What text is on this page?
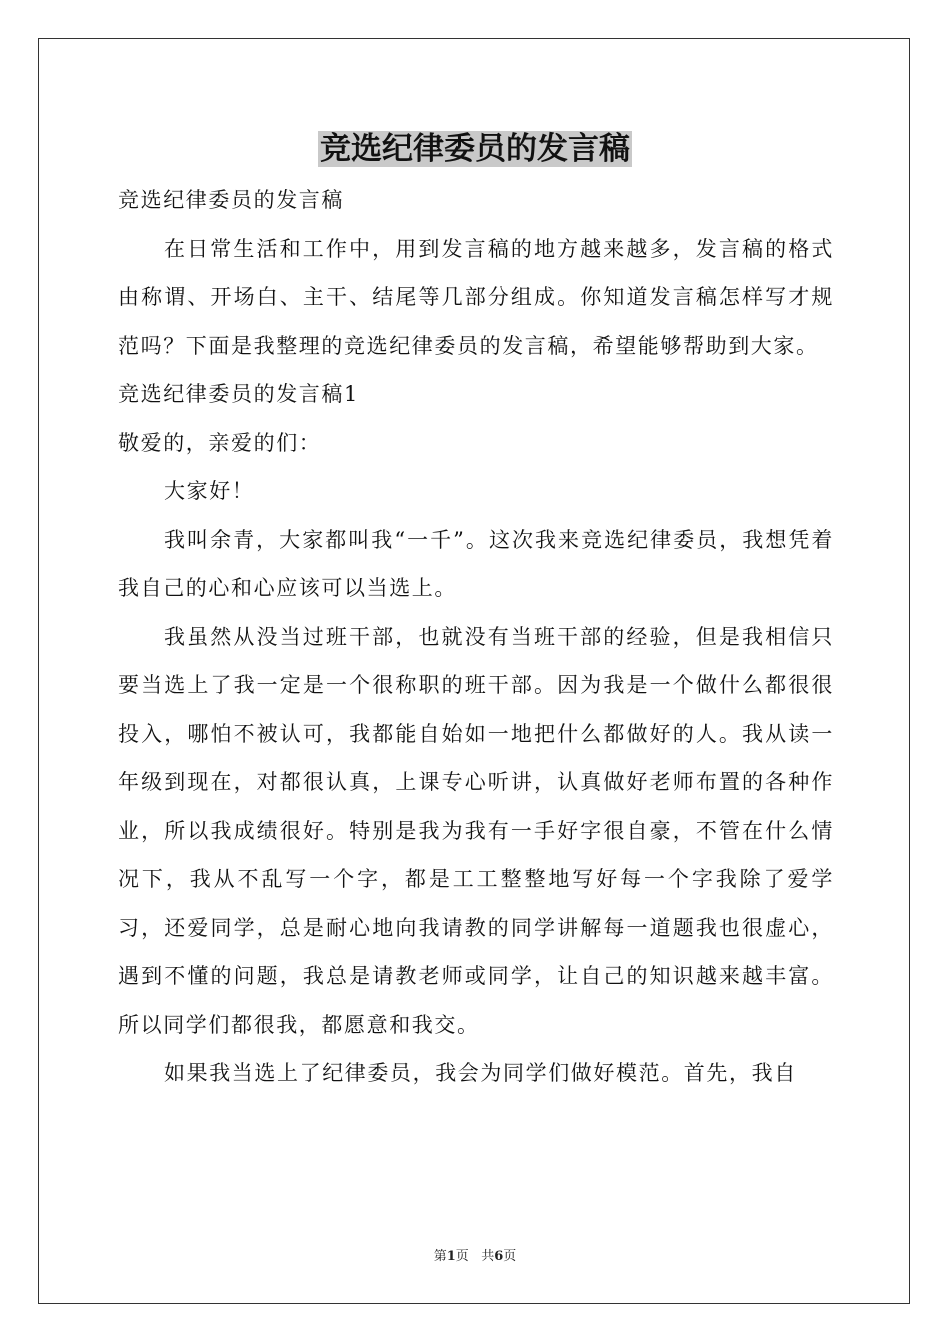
竞选纪律委员的发言稿

竞选纪律委员的发言稿

在日常生活和工作中，用到发言稿的地方越来越多，发言稿的格式由称谓、开场白、主干、结尾等几部分组成。你知道发言稿怎样写才规范吗？下面是我整理的竞选纪律委员的发言稿，希望能够帮助到大家。

竞选纪律委员的发言稿1

敬爱的，亲爱的们：

大家好！

我叫余青，大家都叫我“一千”。这次我来竞选纪律委员，我想凭着我自己的心和心应该可以当选上。

我虽然从没当过班干部，也就没有当班干部的经验，但是我相信只要当选上了我一定是一个很称职的班干部。因为我是一个做什么都很很投入，哪怕不被认可，我都能自始如一地把什么都做好的人。我从读一年级到现在，对都很认真，上课专心听讲，认真做好老师布置的各种作业，所以我成绩很好。特别是我为我有一手好字很自豪，不管在什么情况下，我从不乱写一个字，都是工工整整地写好每一个字我除了爱学习，还爱同学，总是耐心地向我请教的同学讲解每一道题我也很虚心，遇到不懂的问题，我总是请教老师或同学，让自己的知识越来越丰富。所以同学们都很我，都愿意和我交。

如果我当选上了纪律委员，我会为同学们做好模范。首先，我自

第1页 共6页
